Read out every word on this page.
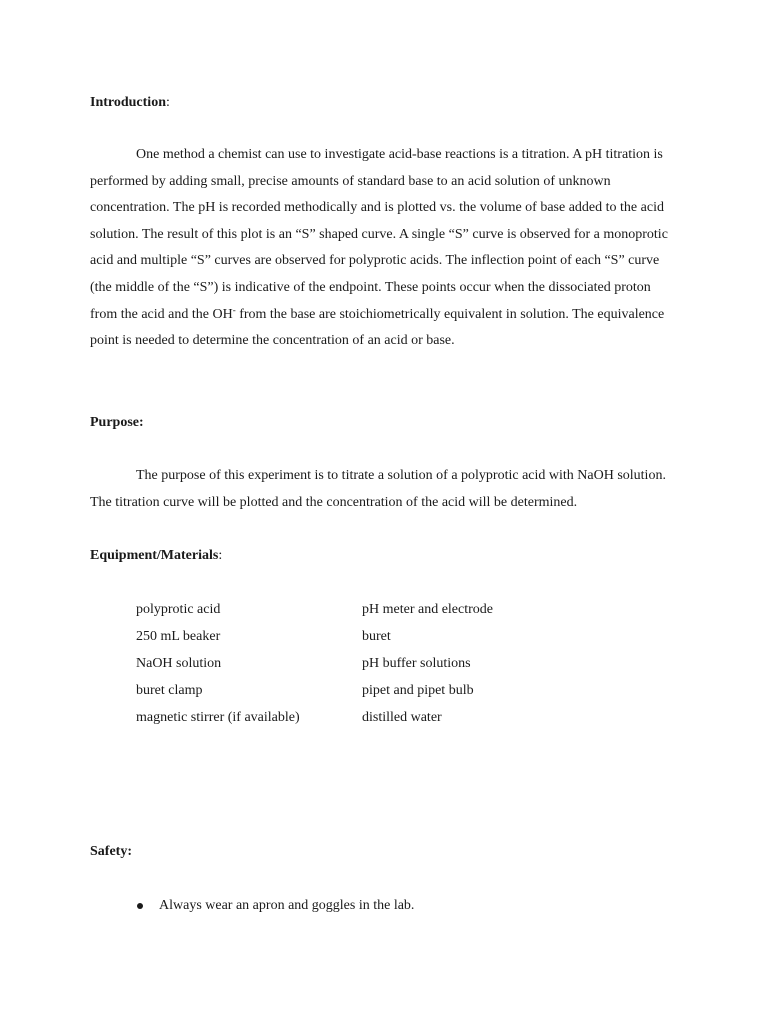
Introduction:

One method a chemist can use to investigate acid-base reactions is a titration. A pH titration is performed by adding small, precise amounts of standard base to an acid solution of unknown concentration. The pH is recorded methodically and is plotted vs. the volume of base added to the acid solution. The result of this plot is an “S” shaped curve. A single “S” curve is observed for a monoprotic acid and multiple “S” curves are observed for polyprotic acids. The inflection point of each “S” curve (the middle of the “S”) is indicative of the endpoint. These points occur when the dissociated proton from the acid and the OH- from the base are stoichiometrically equivalent in solution. The equivalence point is needed to determine the concentration of an acid or base.

Purpose:

The purpose of this experiment is to titrate a solution of a polyprotic acid with NaOH solution. The titration curve will be plotted and the concentration of the acid will be determined.

Equipment/Materials:
polyprotic acid	pH meter and electrode
250 mL beaker	buret
NaOH solution	pH buffer solutions
buret clamp	pipet and pipet bulb
magnetic stirrer (if available)	distilled water
Safety:
Always wear an apron and goggles in the lab.
